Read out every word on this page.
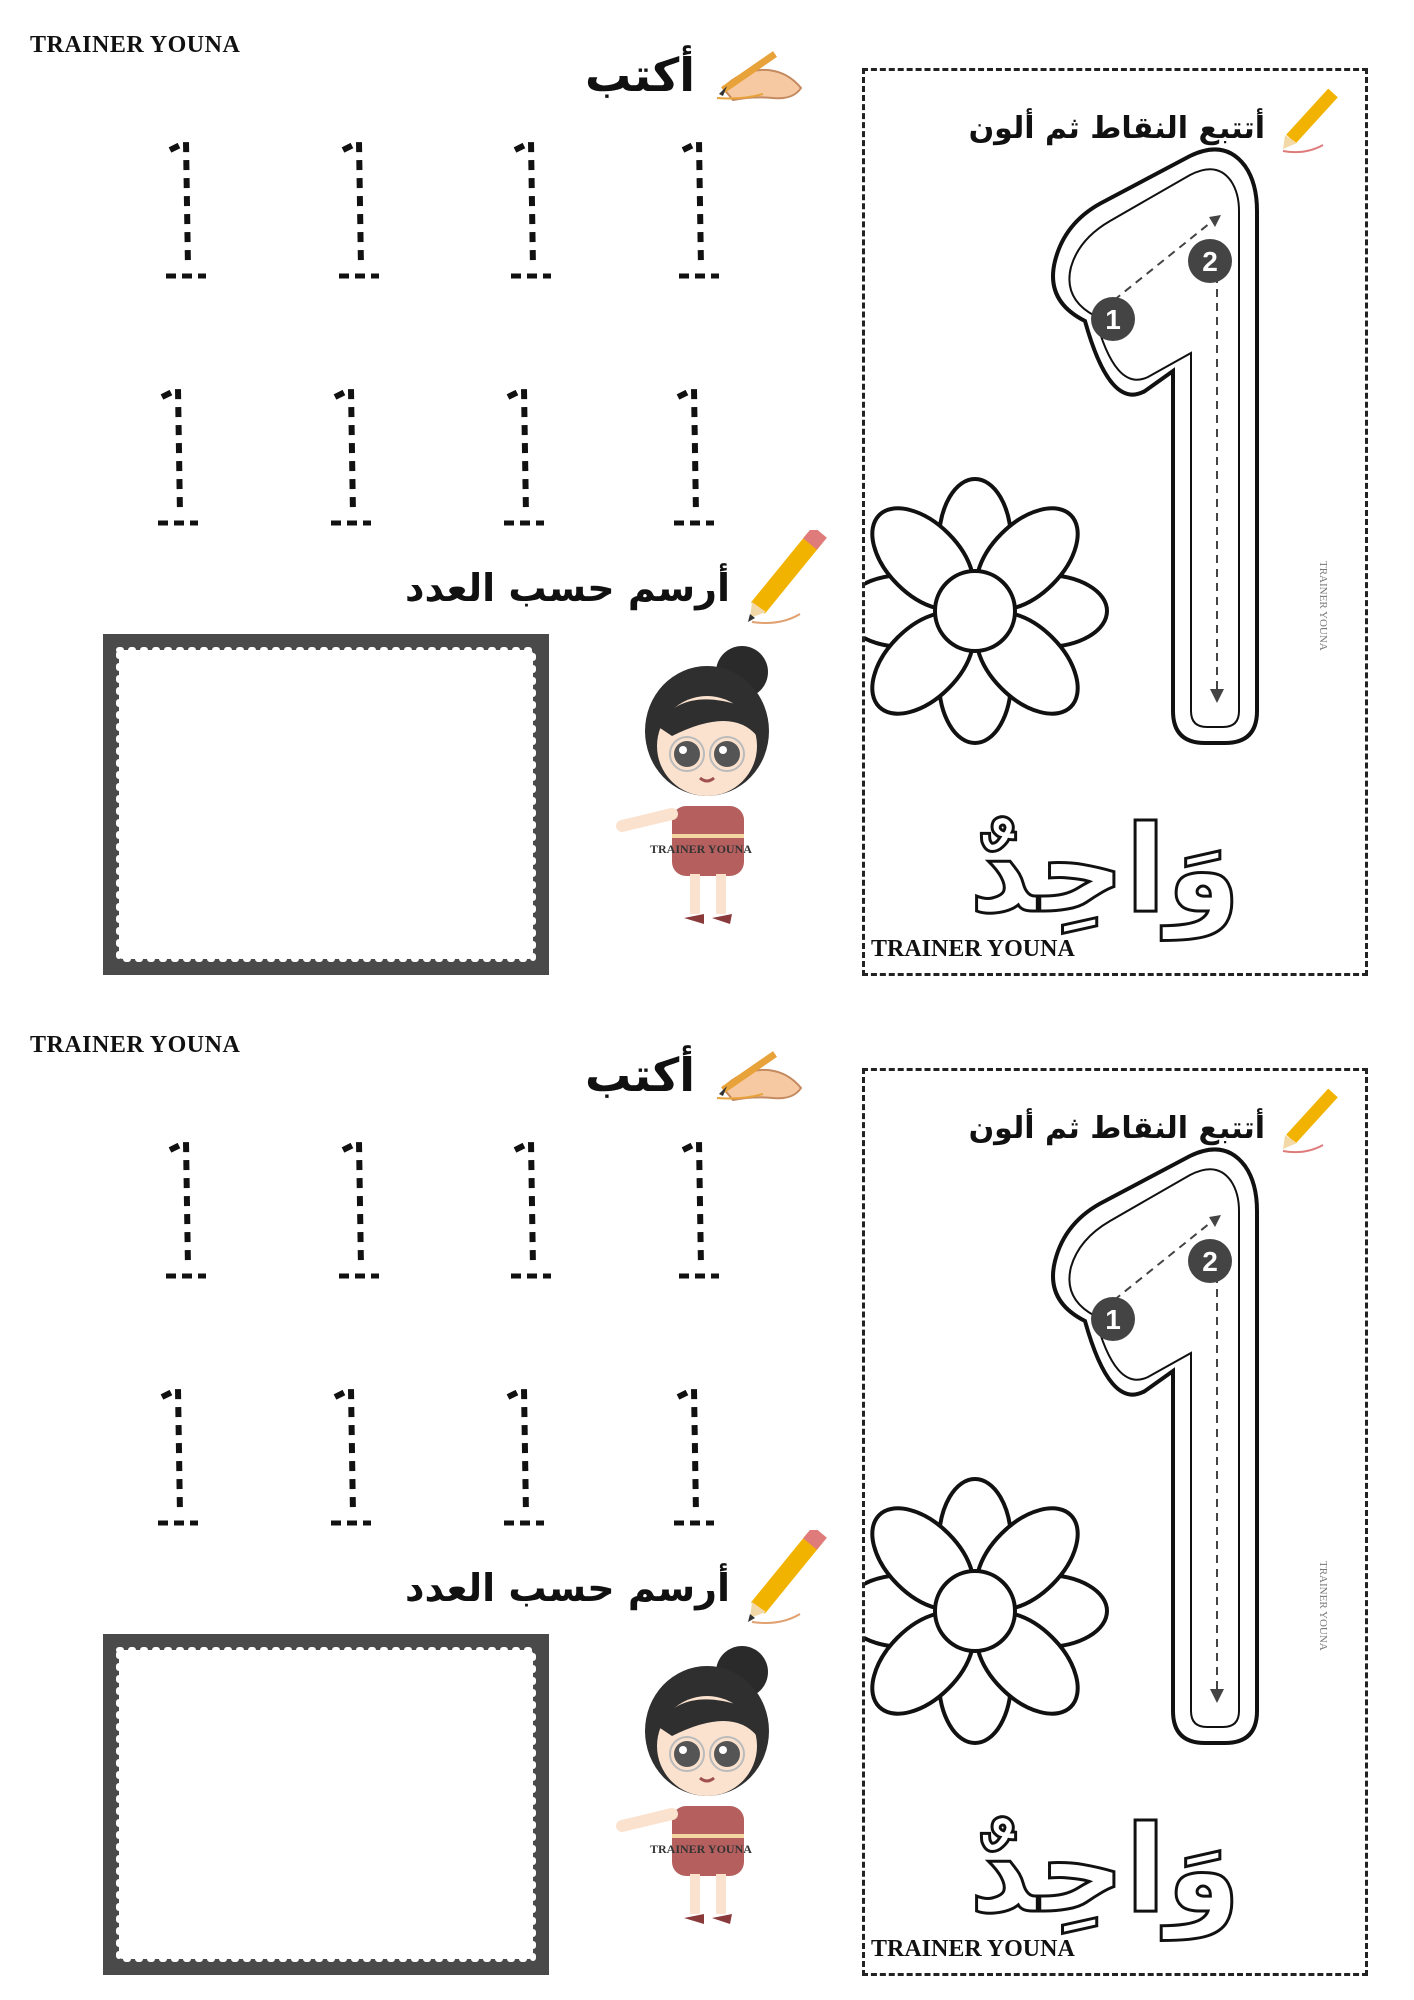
TRAINER YOUNA
أكتب
أرسم حسب العدد
TRAINER YOUNA
أتتبع النقاط ثم ألون
1
2
وَاحِدٌ
TRAINER YOUNA
TRAINER YOUNA
TRAINER YOUNA
أكتب
أرسم حسب العدد
TRAINER YOUNA
أتتبع النقاط ثم ألون
1
2
وَاحِدٌ
TRAINER YOUNA
TRAINER YOUNA
